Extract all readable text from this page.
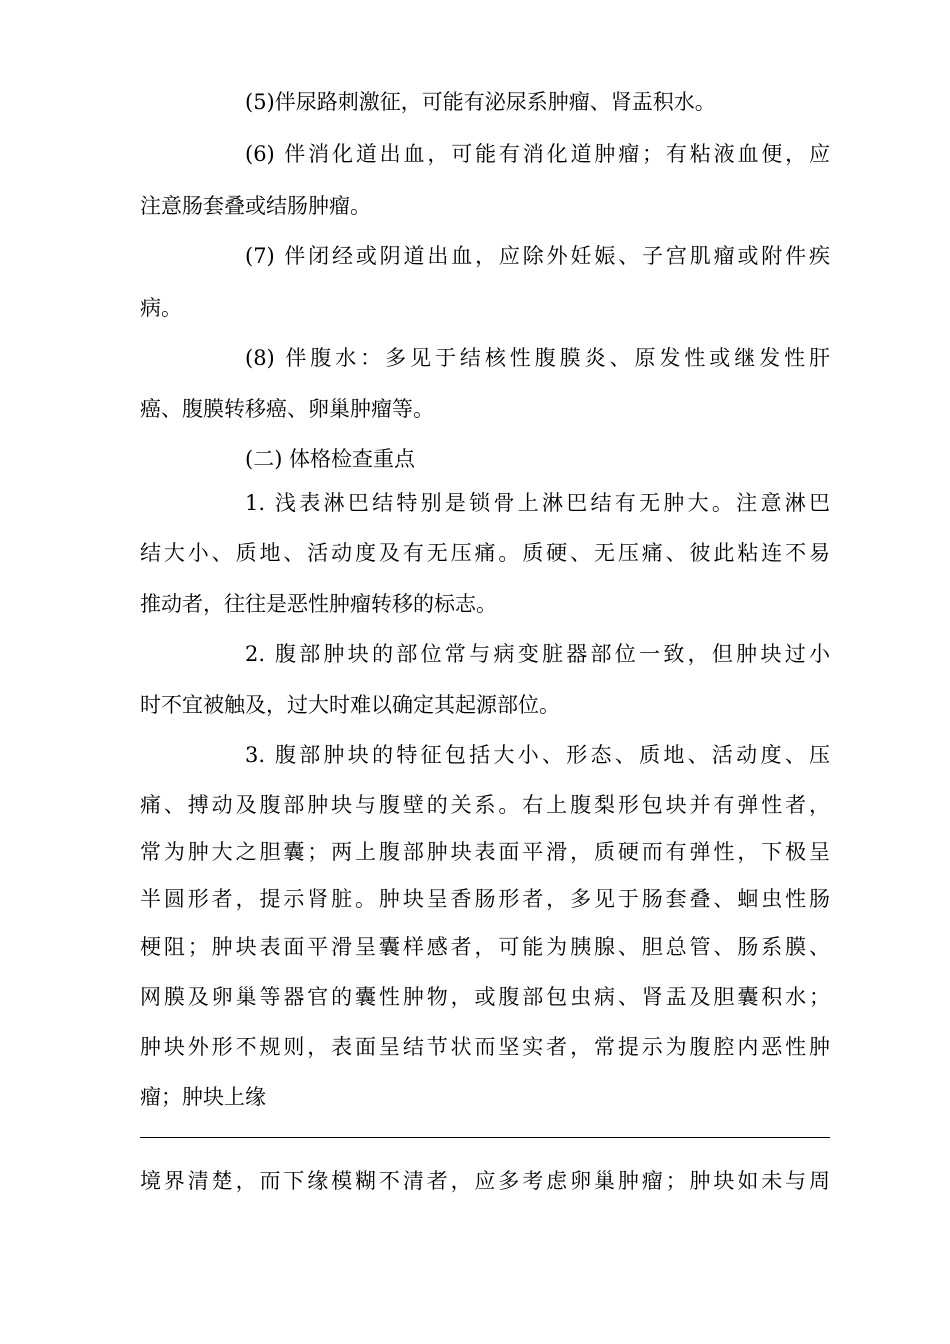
(5)伴尿路刺激征，可能有泌尿系肿瘤、肾盂积水。
(6) 伴消化道出血，可能有消化道肿瘤；有粘液血便，应
注意肠套叠或结肠肿瘤。
(7) 伴闭经或阴道出血，应除外妊娠、子宫肌瘤或附件疾
病。
(8) 伴腹水：多见于结核性腹膜炎、原发性或继发性肝
癌、腹膜转移癌、卵巢肿瘤等。
(二) 体格检查重点
1. 浅表淋巴结特别是锁骨上淋巴结有无肿大。注意淋巴
结大小、质地、活动度及有无压痛。质硬、无压痛、彼此粘连不易
推动者，往往是恶性肿瘤转移的标志。
2. 腹部肿块的部位常与病变脏器部位一致，但肿块过小
时不宜被触及，过大时难以确定其起源部位。
3. 腹部肿块的特征包括大小、形态、质地、活动度、压
痛、搏动及腹部肿块与腹壁的关系。右上腹梨形包块并有弹性者，
常为肿大之胆囊；两上腹部肿块表面平滑，质硬而有弹性，下极呈
半圆形者，提示肾脏。肿块呈香肠形者，多见于肠套叠、蛔虫性肠
梗阻；肿块表面平滑呈囊样感者，可能为胰腺、胆总管、肠系膜、
网膜及卵巢等器官的囊性肿物，或腹部包虫病、肾盂及胆囊积水；
肿块外形不规则，表面呈结节状而坚实者，常提示为腹腔内恶性肿
瘤；肿块上缘
境界清楚，而下缘模糊不清者，应多考虑卵巢肿瘤；肿块如未与周
